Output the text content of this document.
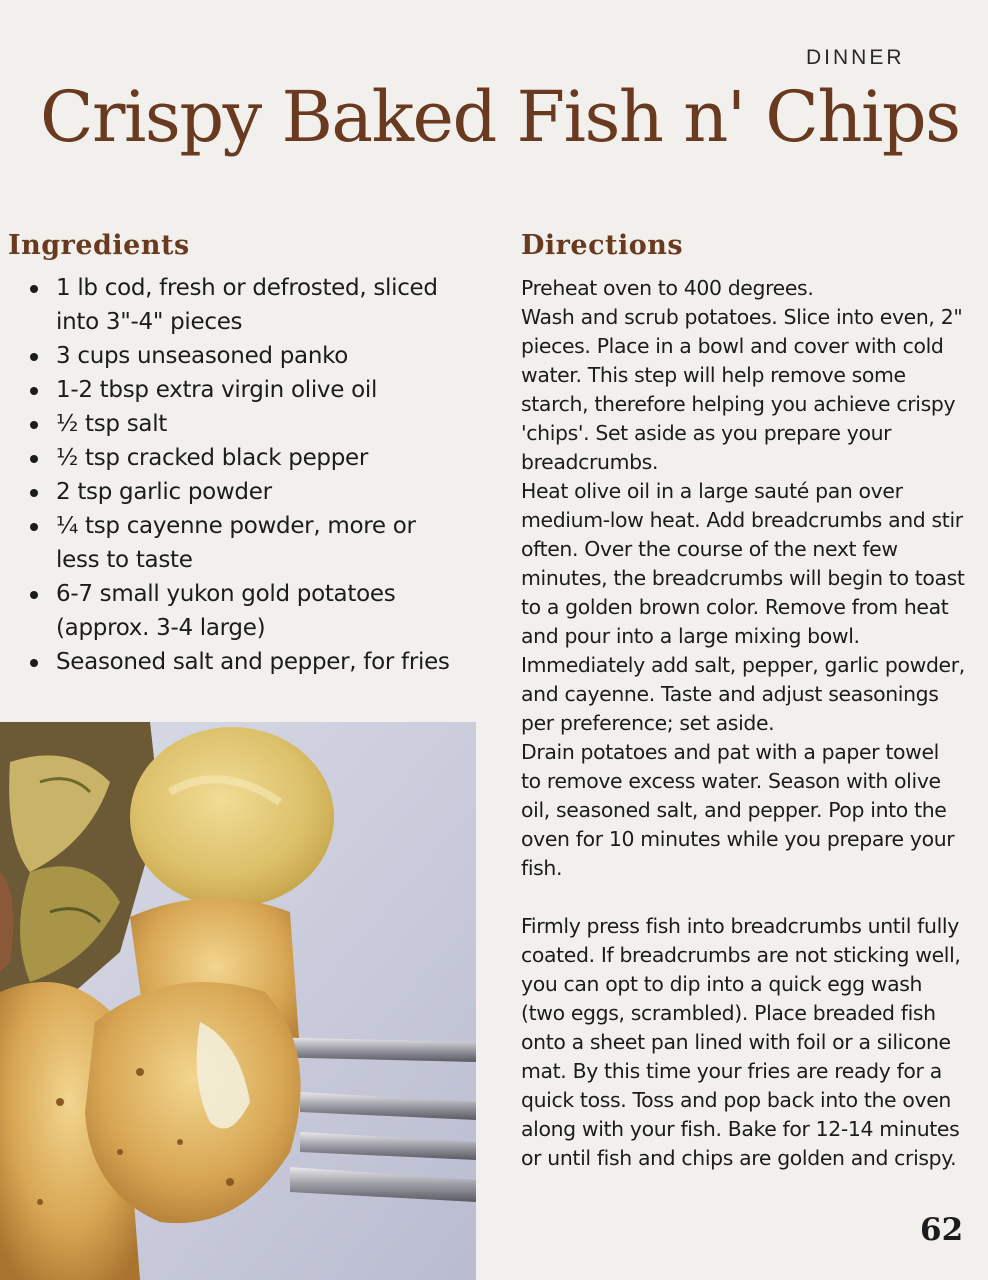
DINNER
Crispy Baked Fish n' Chips
Ingredients
1 lb cod, fresh or defrosted, sliced
into 3"-4" pieces
3 cups unseasoned panko
1-2 tbsp extra virgin olive oil
½ tsp salt
½ tsp cracked black pepper
2 tsp garlic powder
¼ tsp cayenne powder, more or
less to taste
6-7 small yukon gold potatoes
(approx. 3-4 large)
Seasoned salt and pepper, for fries
Directions

Preheat oven to 400 degrees.

Wash and scrub potatoes. Slice into even, 2"

pieces. Place in a bowl and cover with cold

water. This step will help remove some

starch, therefore helping you achieve crispy

'chips'. Set aside as you prepare your

breadcrumbs.

Heat olive oil in a large sauté pan over

medium-low heat. Add breadcrumbs and stir

often. Over the course of the next few

minutes, the breadcrumbs will begin to toast

to a golden brown color. Remove from heat

and pour into a large mixing bowl.

Immediately add salt, pepper, garlic powder,

and cayenne. Taste and adjust seasonings

per preference; set aside.

Drain potatoes and pat with a paper towel

to remove excess water. Season with olive

oil, seasoned salt, and pepper. Pop into the

oven for 10 minutes while you prepare your

fish.

Firmly press fish into breadcrumbs until fully

coated. If breadcrumbs are not sticking well,

you can opt to dip into a quick egg wash

(two eggs, scrambled). Place breaded fish

onto a sheet pan lined with foil or a silicone

mat. By this time your fries are ready for a

quick toss. Toss and pop back into the oven

along with your fish. Bake for 12-14 minutes

or until fish and chips are golden and crispy.

62
